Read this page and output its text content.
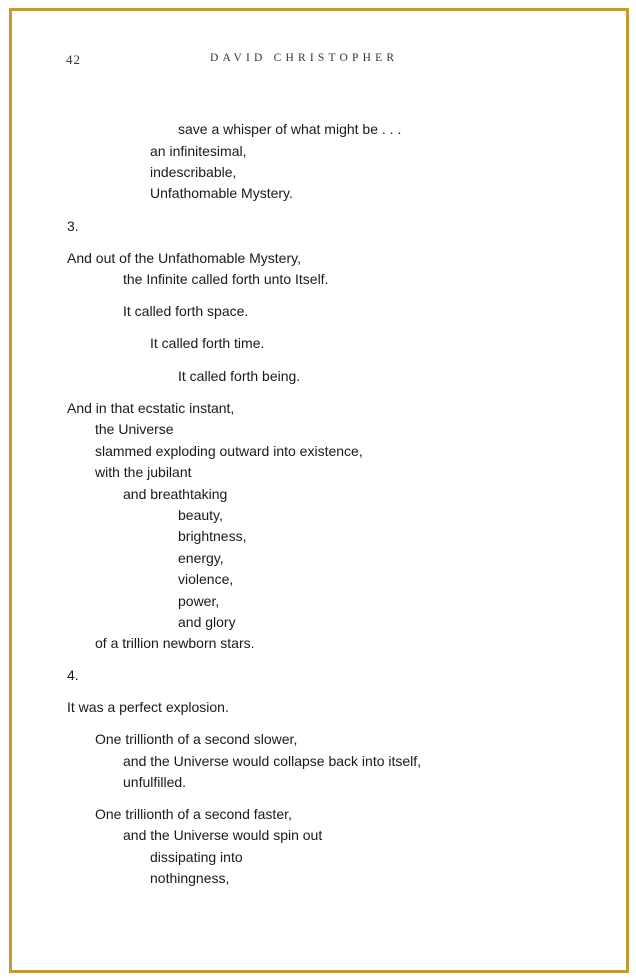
42	DAVID CHRISTOPHER
save a whisper of what might be . . .
an infinitesimal,
indescribable,
Unfathomable Mystery.
3.
And out of the Unfathomable Mystery,
the Infinite called forth unto Itself.
It called forth space.
It called forth time.
It called forth being.
And in that ecstatic instant,
the Universe
slammed exploding outward into existence,
with the jubilant
and breathtaking
beauty,
brightness,
energy,
violence,
power,
and glory
of a trillion newborn stars.
4.
It was a perfect explosion.
One trillionth of a second slower,
and the Universe would collapse back into itself,
unfulfilled.
One trillionth of a second faster,
and the Universe would spin out
dissipating into
nothingness,
